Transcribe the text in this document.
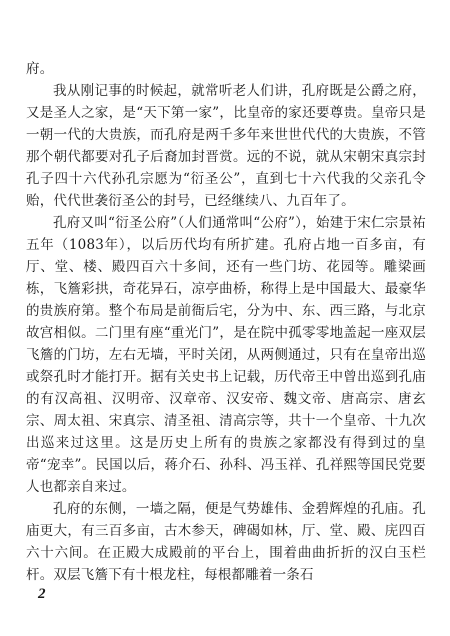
府。

我从刚记事的时候起，就常听老人们讲，孔府既是公爵之府，又是圣人之家，是“天下第一家”，比皇帝的家还要尊贵。皇帝只是一朝一代的大贵族，而孔府是两千多年来世世代代的大贵族，不管那个朝代都要对孔子后裔加封晋赏。远的不说，就从宋朝宋真宗封孔子四十六代孙孔宗愿为“衍圣公”，直到七十六代我的父亲孔令贻，代代世袭衍圣公的封号，已经继续八、九百年了。

孔府又叫“衍圣公府”（人们通常叫“公府”），始建于宋仁宗景祐五年（1083年），以后历代均有所扩建。孔府占地一百多亩，有厅、堂、楼、殿四百六十多间，还有一些门坊、花园等。雕梁画栋，飞簷彩拱，奇花异石，凉亭曲桥，称得上是中国最大、最豪华的贵族府第。整个布局是前衙后宅，分为中、东、西三路，与北京故宫相似。二门里有座“重光门”，是在院中孤零零地盖起一座双层飞簷的门坊，左右无墙，平时关闭，从两侧通过，只有在皇帝出巡或祭孔时才能打开。据有关史书上记载，历代帝王中曾出巡到孔庙的有汉高祖、汉明帝、汉章帝、汉安帝、魏文帝、唐高宗、唐玄宗、周太祖、宋真宗、清圣祖、清高宗等，共十一个皇帝、十九次出巡来过这里。这是历史上所有的贵族之家都没有得到过的皇帝“宠幸”。民国以后，蒋介石、孙科、冯玉祥、孔祥熙等国民党要人也都亲自来过。

孔府的东侧，一墙之隔，便是气势雄伟、金碧辉煌的孔庙。孔庙更大，有三百多亩，古木参天，碑碣如林，厅、堂、殿、庑四百六十六间。在正殿大成殿前的平台上，围着曲曲折折的汉白玉栏杆。双层飞簷下有十根龙柱，每根都雕着一条石

2
